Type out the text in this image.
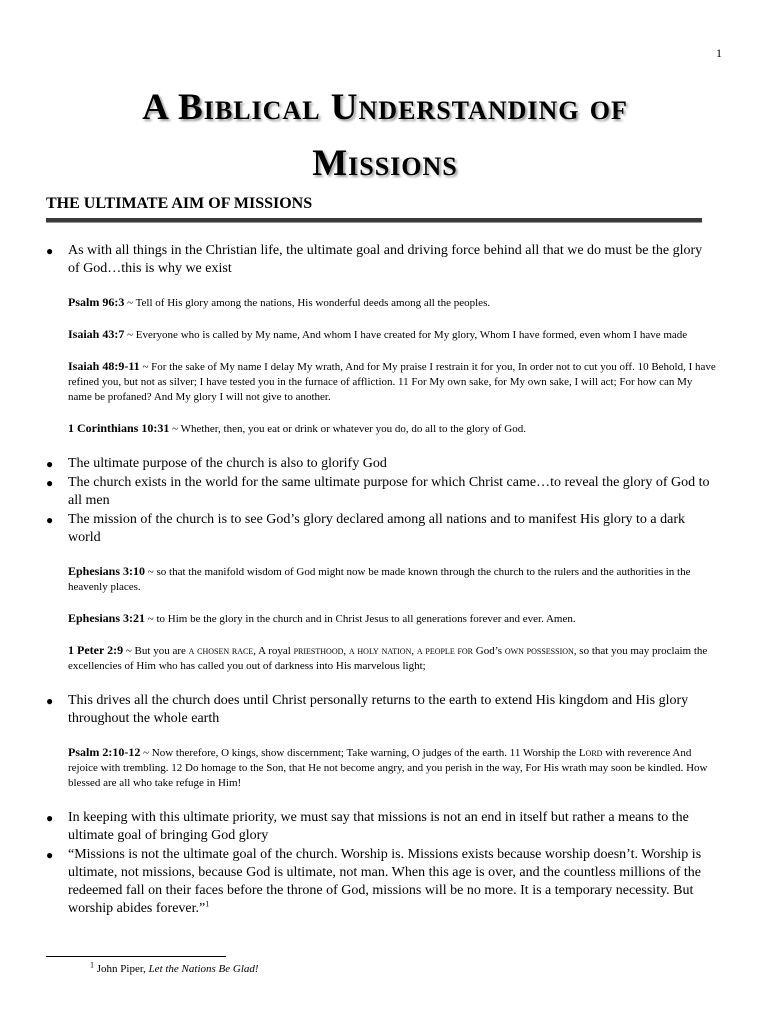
1
A Biblical Understanding of
Missions
THE ULTIMATE AIM OF MISSIONS
● As with all things in the Christian life, the ultimate goal and driving force behind all that we do must be the glory of God…this is why we exist

Psalm 96:3 ~ Tell of His glory among the nations, His wonderful deeds among all the peoples.

Isaiah 43:7 ~ Everyone who is called by My name, And whom I have created for My glory, Whom I have formed, even whom I have made

Isaiah 48:9-11 ~ For the sake of My name I delay My wrath, And for My praise I restrain it for you, In order not to cut you off. 10 Behold, I have refined you, but not as silver; I have tested you in the furnace of affliction. 11 For My own sake, for My own sake, I will act; For how can My name be profaned? And My glory I will not give to another.

1 Corinthians 10:31 ~ Whether, then, you eat or drink or whatever you do, do all to the glory of God.

● The ultimate purpose of the church is also to glorify God
● The church exists in the world for the same ultimate purpose for which Christ came…to reveal the glory of God to all men
● The mission of the church is to see God’s glory declared among all nations and to manifest His glory to a dark world

Ephesians 3:10 ~ so that the manifold wisdom of God might now be made known through the church to the rulers and the authorities in the heavenly places.

Ephesians 3:21 ~ to Him be the glory in the church and in Christ Jesus to all generations forever and ever. Amen.

1 Peter 2:9 ~ But you are a chosen race, A royal priesthood, a holy nation, a people for God’s own possession, so that you may proclaim the excellencies of Him who has called you out of darkness into His marvelous light;

● This drives all the church does until Christ personally returns to the earth to extend His kingdom and His glory throughout the whole earth

Psalm 2:10-12 ~ Now therefore, O kings, show discernment; Take warning, O judges of the earth. 11 Worship the Lord with reverence And rejoice with trembling. 12 Do homage to the Son, that He not become angry, and you perish in the way, For His wrath may soon be kindled. How blessed are all who take refuge in Him!

● In keeping with this ultimate priority, we must say that missions is not an end in itself but rather a means to the ultimate goal of bringing God glory
● “Missions is not the ultimate goal of the church. Worship is. Missions exists because worship doesn’t. Worship is ultimate, not missions, because God is ultimate, not man. When this age is over, and the countless millions of the redeemed fall on their faces before the throne of God, missions will be no more. It is a temporary necessity. But worship abides forever.”$^1$
$^1$ John Piper, Let the Nations Be Glad!
